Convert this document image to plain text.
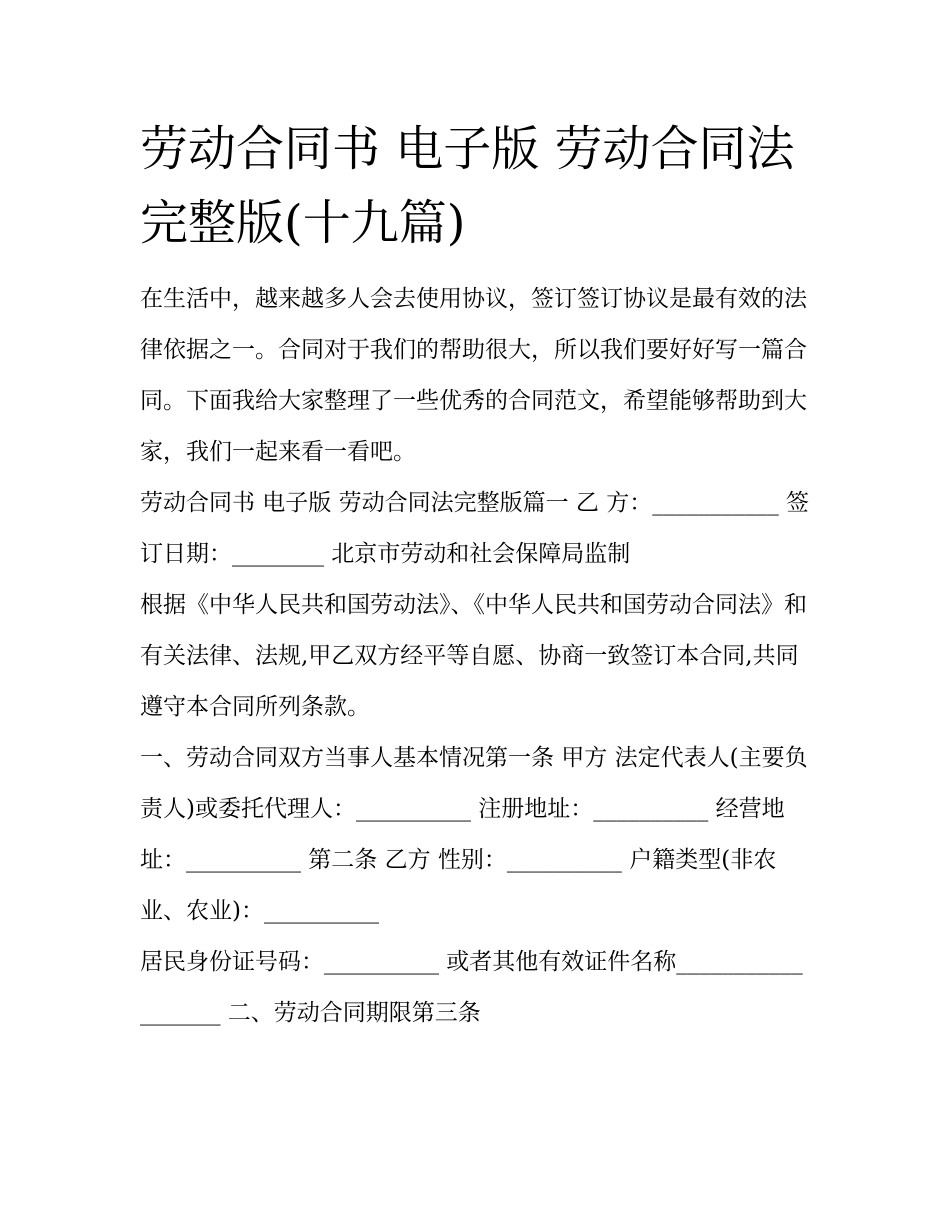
劳动合同书 电子版 劳动合同法完整版(十九篇)

在生活中，越来越多人会去使用协议，签订签订协议是最有效的法律依据之一。合同对于我们的帮助很大，所以我们要好好写一篇合同。下面我给大家整理了一些优秀的合同范文，希望能够帮助到大家，我们一起来看一看吧。

劳动合同书 电子版 劳动合同法完整版篇一 乙 方：___________ 签订日期：________ 北京市劳动和社会保障局监制

根据《中华人民共和国劳动法》、《中华人民共和国劳动合同法》和有关法律、法规,甲乙双方经平等自愿、协商一致签订本合同,共同遵守本合同所列条款。

一、劳动合同双方当事人基本情况第一条 甲方 法定代表人(主要负责人)或委托代理人：__________ 注册地址：__________ 经营地址：__________ 第二条 乙方 性别：__________ 户籍类型(非农业、农业)：__________

居民身份证号码：__________ 或者其他有效证件名称__________________ 二、劳动合同期限第三条
